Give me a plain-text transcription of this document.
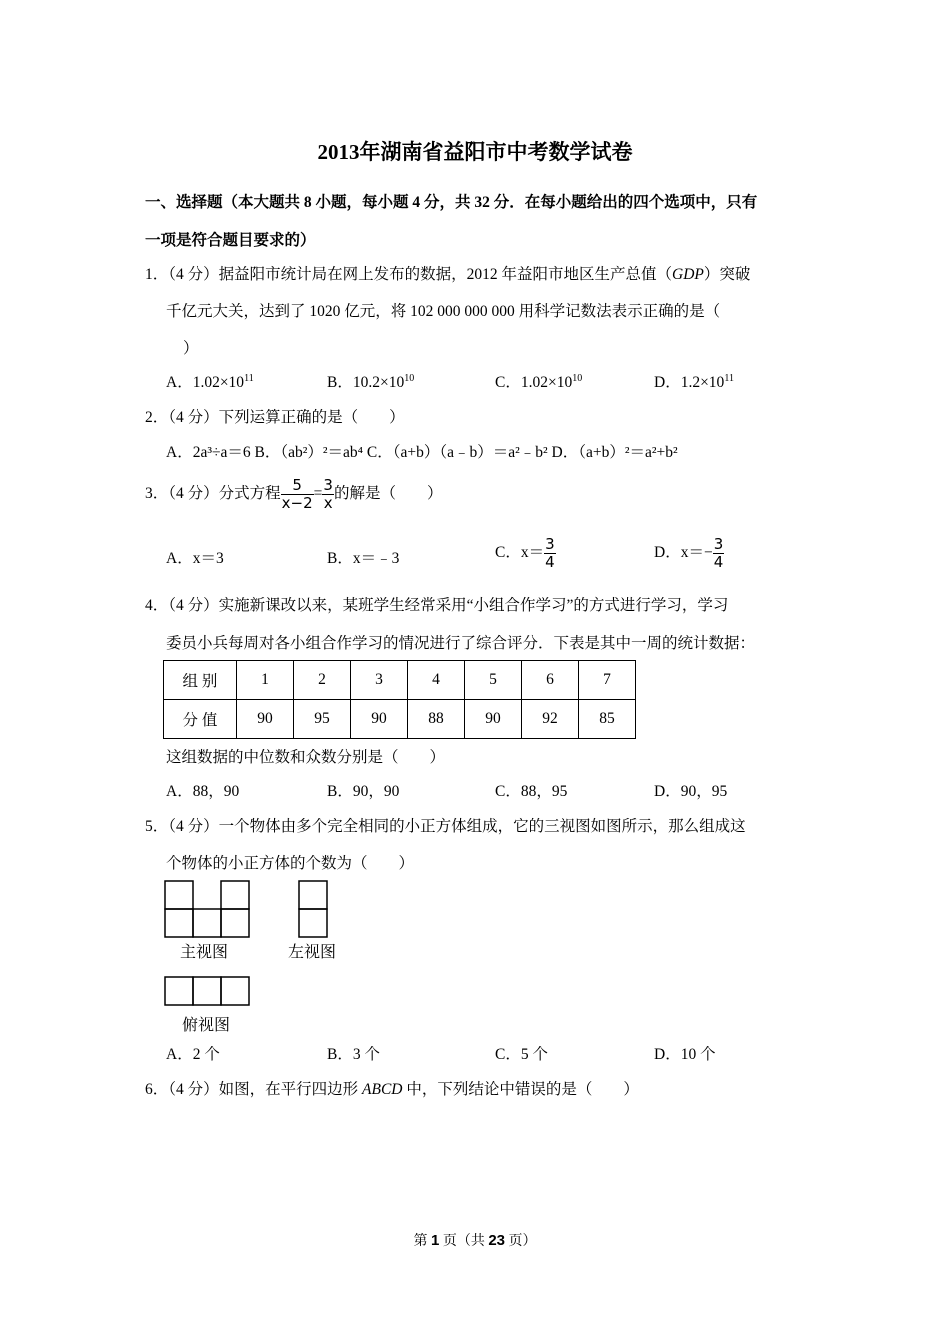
2013年湖南省益阳市中考数学试卷
一、选择题（本大题共 8 小题，每小题 4 分，共 32 分．在每小题给出的四个选项中，只有
一项是符合题目要求的）
1．（4 分）据益阳市统计局在网上发布的数据，2012 年益阳市地区生产总值（GDP）突破
千亿元大关，达到了 1020 亿元，将 102 000 000 000 用科学记数法表示正确的是（
）
A．$1.02\times 10^{11}$	B．$10.2\times 10^{10}$	C．$1.02\times 10^{10}$	D．$1.2\times 10^{11}$
2．（4 分）下列运算正确的是（　　）
A．2a³÷a＝6 B．（ab²）²＝ab⁴ C．（a+b）（a﹣b）＝a²﹣b² D．（a+b）²＝a²+b²
3．（4 分）分式方程 $\frac{5}{x-2} = \frac{3}{x}$ 的解是（　　）
A．x＝3	B．x＝﹣3	C．$x= \frac{3}{4}$	D．$x=- \frac{3}{4}$
4．（4 分）实施新课改以来，某班学生经常采用“小组合作学习”的方式进行学习，学习
委员小兵每周对各小组合作学习的情况进行了综合评分．下表是其中一周的统计数据：
组 别	1	2	3	4	5	6	7
分 值	90	95	90	88	90	92	85
这组数据的中位数和众数分别是（　　）
A．88，90	B．90，90	C．88，95	D．90，95
5．（4 分）一个物体由多个完全相同的小正方体组成，它的三视图如图所示，那么组成这
个物体的小正方体的个数为（　　）
主视图	左视图
俯视图
A．2 个	B．3 个	C．5 个	D．10 个
6．（4 分）如图，在平行四边形 ABCD 中，下列结论中错误的是（　　）
第 1 页（共 23 页）
